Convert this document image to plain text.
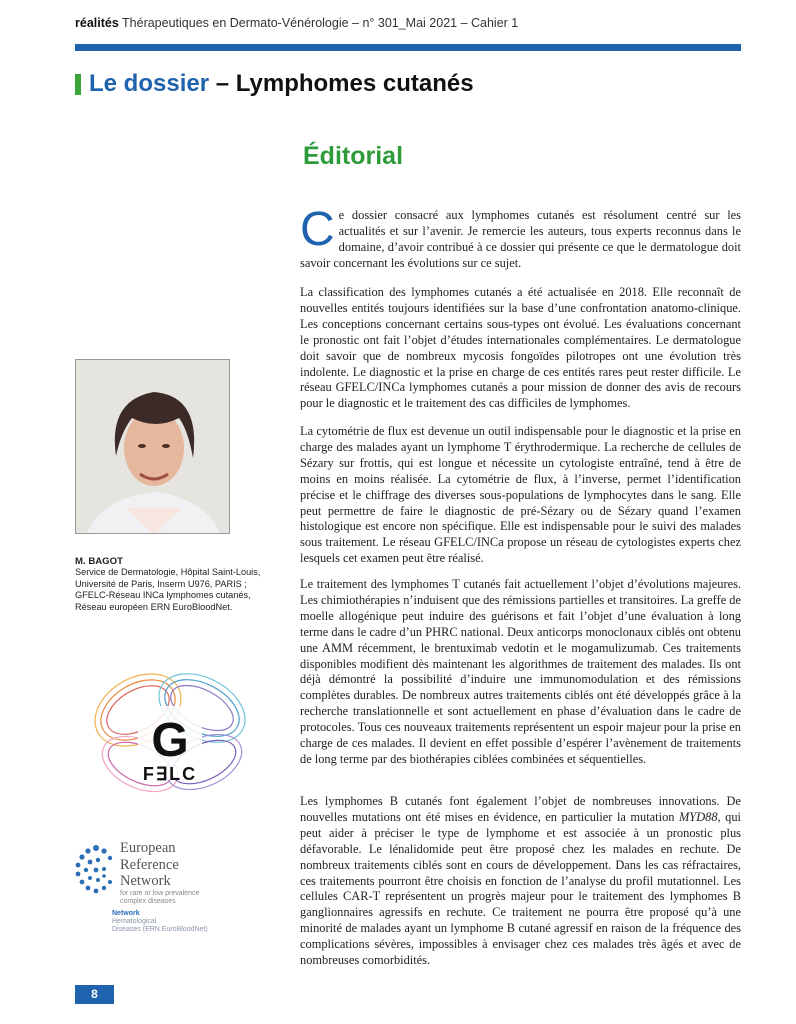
réalités Thérapeutiques en Dermato-Vénérologie – n° 301_Mai 2021 – Cahier 1
Le dossier
– Lymphomes cutanés
Éditorial
C e dossier consacré aux lymphomes cutanés est résolument centré sur les actualités et sur l’avenir. Je remercie les auteurs, tous experts reconnus dans le domaine, d’avoir contribué à ce dossier qui présente ce que le dermatologue doit savoir concernant les évolutions sur ce sujet.

La classification des lymphomes cutanés a été actualisée en 2018. Elle reconnaît de nouvelles entités toujours identifiées sur la base d’une confrontation anatomo-clinique. Les conceptions concernant certains sous-types ont évolué. Les évaluations concernant le pronostic ont fait l’objet d’études internationales complémentaires. Le dermatologue doit savoir que de nombreux mycosis fongoïdes pilotropes ont une évolution très indolente. Le diagnostic et la prise en charge de ces entités rares peut rester difficile. Le réseau GFELC/INCa lymphomes cutanés a pour mission de donner des avis de recours pour le diagnostic et le traitement des cas difficiles de lymphomes.
La cytométrie de flux est devenue un outil indispensable pour le diagnostic et la prise en charge des malades ayant un lymphome T érythrodermique. La recherche de cellules de Sézary sur frottis, qui est longue et nécessite un cytologiste entraîné, tend à être de moins en moins réalisée. La cytométrie de flux, à l’inverse, permet l’identification précise et le chiffrage des diverses sous-populations de lymphocytes dans le sang. Elle peut permettre de faire le diagnostic de pré-Sézary ou de Sézary quand l’examen histologique est encore non spécifique. Elle est indispensable pour le suivi des malades sous traitement. Le réseau GFELC/INCa propose un réseau de cytologistes experts chez lesquels cet examen peut être réalisé.

Le traitement des lymphomes T cutanés fait actuellement l’objet d’évolutions majeures. Les chimiothérapies n’induisent que des rémissions partielles et transitoires. La greffe de moelle allogénique peut induire des guérisons et fait l’objet d’une évaluation à long terme dans le cadre d’un PHRC national. Deux anticorps monoclonaux ciblés ont obtenu une AMM récemment, le brentuximab vedotin et le mogamulizumab. Ces traitements disponibles modifient dès maintenant les algorithmes de traitement des malades. Ils ont déjà démontré la possibilité d’induire une immunomodulation et des rémissions complètes durables. De nombreux autres traitements ciblés ont été développés grâce à la recherche translationnelle et sont actuellement en phase d’évaluation dans le cadre de protocoles. Tous ces nouveaux traitements représentent un espoir majeur pour la prise en charge de ces malades. Il devient en effet possible d’espérer l’avènement de traitements de long terme par des biothérapies ciblées combinées et séquentielles.

Les lymphomes B cutanés font également l’objet de nombreuses innovations. De nouvelles mutations ont été mises en évidence, en particulier la mutation MYD88, qui peut aider à préciser le type de lymphome et est associée à un pronostic plus défavorable. Le lénalidomide peut être proposé chez les malades en rechute. De nombreux traitements ciblés sont en cours de développement. Dans les cas réfractaires, ces traitements pourront être choisis en fonction de l’analyse du profil mutationnel. Les cellules CAR-T représentent un progrès majeur pour le traitement des lymphomes B ganglionnaires agressifs en rechute. Ce traitement ne pourra être proposé qu’à une minorité de malades ayant un lymphome B cutané agressif en raison de la fréquence des complications sévères, impossibles à envisager chez ces malades très âgés et avec de nombreuses comorbidités.
M. BAGOT
Service de Dermatologie, Hôpital Saint-Louis,
Université de Paris, Inserm U976, PARIS ;
GFELC-Réseau INCa lymphomes cutanés,
Réseau européen ERN EuroBloodNet.
G
F∃LC
European
Reference
Network
for rare or low prevalence
complex diseases
Network
Hematological
Diseases (ERN EuroBloodNet)
8
